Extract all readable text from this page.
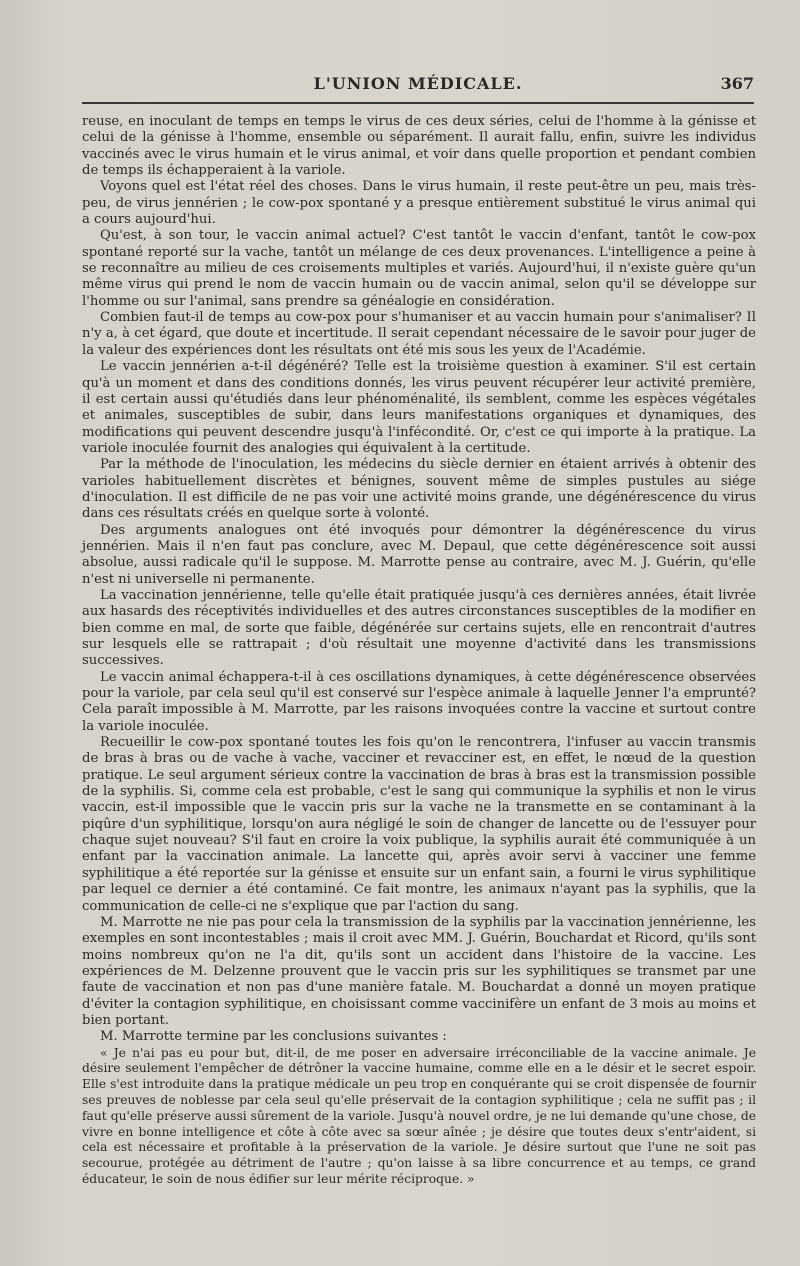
L'UNION MÉDICALE.	367

reuse, en inoculant de temps en temps le virus de ces deux séries, celui de l'homme à la génisse et celui de la génisse à l'homme, ensemble ou séparément. Il aurait fallu, enfin, suivre les individus vaccinés avec le virus humain et le virus animal, et voir dans quelle proportion et pendant combien de temps ils échapperaient à la variole.

Voyons quel est l'état réel des choses. Dans le virus humain, il reste peut-être un peu, mais très-peu, de virus jennérien ; le cow-pox spontané y a presque entièrement substitué le virus animal qui a cours aujourd'hui.

Qu'est, à son tour, le vaccin animal actuel? C'est tantôt le vaccin d'enfant, tantôt le cow-pox spontané reporté sur la vache, tantôt un mélange de ces deux provenances. L'intelligence a peine à se reconnaître au milieu de ces croisements multiples et variés. Aujourd'hui, il n'existe guère qu'un même virus qui prend le nom de vaccin humain ou de vaccin animal, selon qu'il se développe sur l'homme ou sur l'animal, sans prendre sa généalogie en considération.

Combien faut-il de temps au cow-pox pour s'humaniser et au vaccin humain pour s'animaliser? Il n'y a, à cet égard, que doute et incertitude. Il serait cependant nécessaire de le savoir pour juger de la valeur des expériences dont les résultats ont été mis sous les yeux de l'Académie.

Le vaccin jennérien a-t-il dégénéré? Telle est la troisième question à examiner. S'il est certain qu'à un moment et dans des conditions donnés, les virus peuvent récupérer leur activité première, il est certain aussi qu'étudiés dans leur phénoménalité, ils semblent, comme les espèces végétales et animales, susceptibles de subir, dans leurs manifestations organiques et dynamiques, des modifications qui peuvent descendre jusqu'à l'infécondité. Or, c'est ce qui importe à la pratique. La variole inoculée fournit des analogies qui équivalent à la certitude.

Par la méthode de l'inoculation, les médecins du siècle dernier en étaient arrivés à obtenir des varioles habituellement discrètes et bénignes, souvent même de simples pustules au siége d'inoculation. Il est difficile de ne pas voir une activité moins grande, une dégénérescence du virus dans ces résultats créés en quelque sorte à volonté.

Des arguments analogues ont été invoqués pour démontrer la dégénérescence du virus jennérien. Mais il n'en faut pas conclure, avec M. Depaul, que cette dégénérescence soit aussi absolue, aussi radicale qu'il le suppose. M. Marrotte pense au contraire, avec M. J. Guérin, qu'elle n'est ni universelle ni permanente.

La vaccination jennérienne, telle qu'elle était pratiquée jusqu'à ces dernières années, était livrée aux hasards des réceptivités individuelles et des autres circonstances susceptibles de la modifier en bien comme en mal, de sorte que faible, dégénérée sur certains sujets, elle en rencontrait d'autres sur lesquels elle se rattrapait ; d'où résultait une moyenne d'activité dans les transmissions successives.

Le vaccin animal échappera-t-il à ces oscillations dynamiques, à cette dégénérescence observées pour la variole, par cela seul qu'il est conservé sur l'espèce animale à laquelle Jenner l'a emprunté? Cela paraît impossible à M. Marrotte, par les raisons invoquées contre la vaccine et surtout contre la variole inoculée.

Recueillir le cow-pox spontané toutes les fois qu'on le rencontrera, l'infuser au vaccin transmis de bras à bras ou de vache à vache, vacciner et revacciner est, en effet, le nœud de la question pratique. Le seul argument sérieux contre la vaccination de bras à bras est la transmission possible de la syphilis. Si, comme cela est probable, c'est le sang qui communique la syphilis et non le virus vaccin, est-il impossible que le vaccin pris sur la vache ne la transmette en se contaminant à la piqûre d'un syphilitique, lorsqu'on aura négligé le soin de changer de lancette ou de l'essuyer pour chaque sujet nouveau? S'il faut en croire la voix publique, la syphilis aurait été communiquée à un enfant par la vaccination animale. La lancette qui, après avoir servi à vacciner une femme syphilitique a été reportée sur la génisse et ensuite sur un enfant sain, a fourni le virus syphilitique par lequel ce dernier a été contaminé. Ce fait montre, les animaux n'ayant pas la syphilis, que la communication de celle-ci ne s'explique que par l'action du sang.

M. Marrotte ne nie pas pour cela la transmission de la syphilis par la vaccination jennérienne, les exemples en sont incontestables ; mais il croit avec MM. J. Guérin, Bouchardat et Ricord, qu'ils sont moins nombreux qu'on ne l'a dit, qu'ils sont un accident dans l'histoire de la vaccine. Les expériences de M. Delzenne prouvent que le vaccin pris sur les syphilitiques se transmet par une faute de vaccination et non pas d'une manière fatale. M. Bouchardat a donné un moyen pratique d'éviter la contagion syphilitique, en choisissant comme vaccinifère un enfant de 3 mois au moins et bien portant.

M. Marrotte termine par les conclusions suivantes :

« Je n'ai pas eu pour but, dit-il, de me poser en adversaire irréconciliable de la vaccine animale. Je désire seulement l'empêcher de détrôner la vaccine humaine, comme elle en a le désir et le secret espoir. Elle s'est introduite dans la pratique médicale un peu trop en conquérante qui se croit dispensée de fournir ses preuves de noblesse par cela seul qu'elle préservait de la contagion syphilitique ; cela ne suffit pas ; il faut qu'elle préserve aussi sûrement de la variole. Jusqu'à nouvel ordre, je ne lui demande qu'une chose, de vivre en bonne intelligence et côte à côte avec sa sœur aînée ; je désire que toutes deux s'entr'aident, si cela est nécessaire et profitable à la préservation de la variole. Je désire surtout que l'une ne soit pas secourue, protégée au détriment de l'autre ; qu'on laisse à sa libre concurrence et au temps, ce grand éducateur, le soin de nous édifier sur leur mérite réciproque. »
